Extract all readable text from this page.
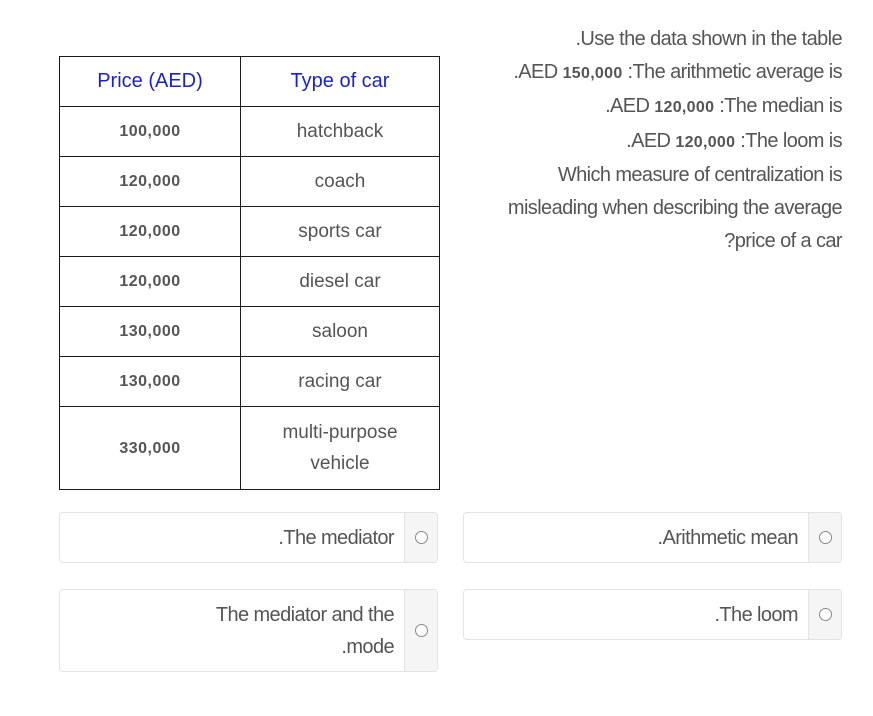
Price (AED)	Type of car
100,000	hatchback
120,000	coach
120,000	sports car
120,000	diesel car
130,000	saloon
130,000	racing car
330,000	multi-purpose
vehicle
.Use the data shown in the table
.AED 150,000 :The arithmetic average is
.AED 120,000 :The median is
.AED 120,000 :The loom is
Which measure of centralization is
misleading when describing the average
?price of a car
.The mediator	.Arithmetic mean
The mediator and the
.mode
.The loom
